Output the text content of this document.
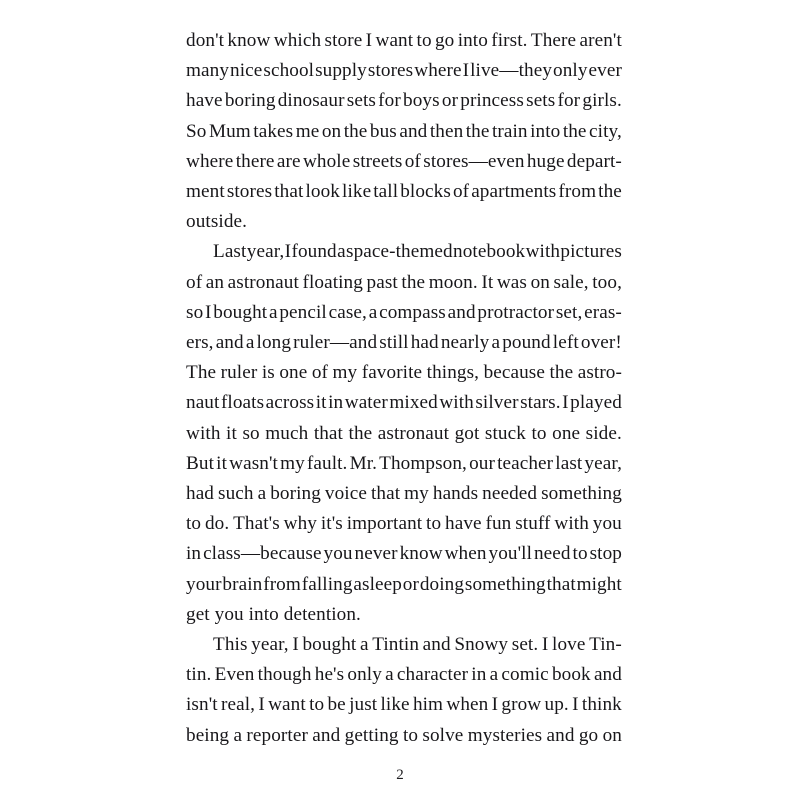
don't know which store I want to go into first. There aren't
many nice school supply stores where I live—they only ever
have boring dinosaur sets for boys or princess sets for girls.
So Mum takes me on the bus and then the train into the city,
where there are whole streets of stores—even huge depart-
ment stores that look like tall blocks of apartments from the
outside.

Last year, I found a space-themed notebook with pictures
of an astronaut floating past the moon. It was on sale, too,
so I bought a pencil case, a compass and protractor set, eras-
ers, and a long ruler—and still had nearly a pound left over!
The ruler is one of my favorite things, because the astro-
naut floats across it in water mixed with silver stars. I played
with it so much that the astronaut got stuck to one side.
But it wasn't my fault. Mr. Thompson, our teacher last year,
had such a boring voice that my hands needed something
to do. That's why it's important to have fun stuff with you
in class—because you never know when you'll need to stop
your brain from falling asleep or doing something that might
get you into detention.

This year, I bought a Tintin and Snowy set. I love Tin-
tin. Even though he's only a character in a comic book and
isn't real, I want to be just like him when I grow up. I think
being a reporter and getting to solve mysteries and go on

2
